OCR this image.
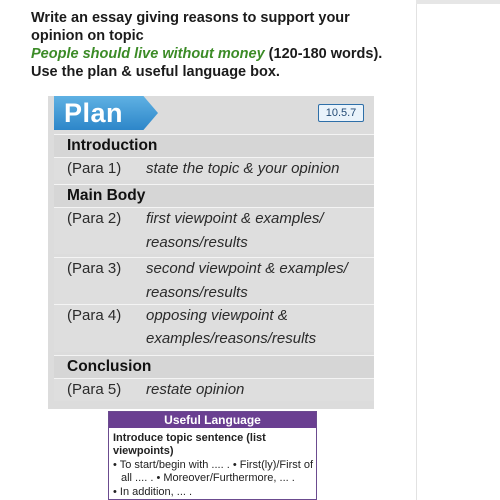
Write an essay giving reasons to support your
opinion on topic
People should live without money (120-180 words).
Use the plan & useful language box.
Plan	10.5.7
Introduction
(Para 1) state the topic & your opinion
Main Body
(Para 2) first viewpoint & examples/
reasons/results
(Para 3) second viewpoint & examples/
reasons/results
(Para 4) opposing viewpoint &
examples/reasons/results
Conclusion
(Para 5) restate opinion
Useful Language
Introduce topic sentence (list
viewpoints)
• To start/begin with .... . • First(ly)/First of
all .... . • Moreover/Furthermore, ... .
• In addition, ... .
